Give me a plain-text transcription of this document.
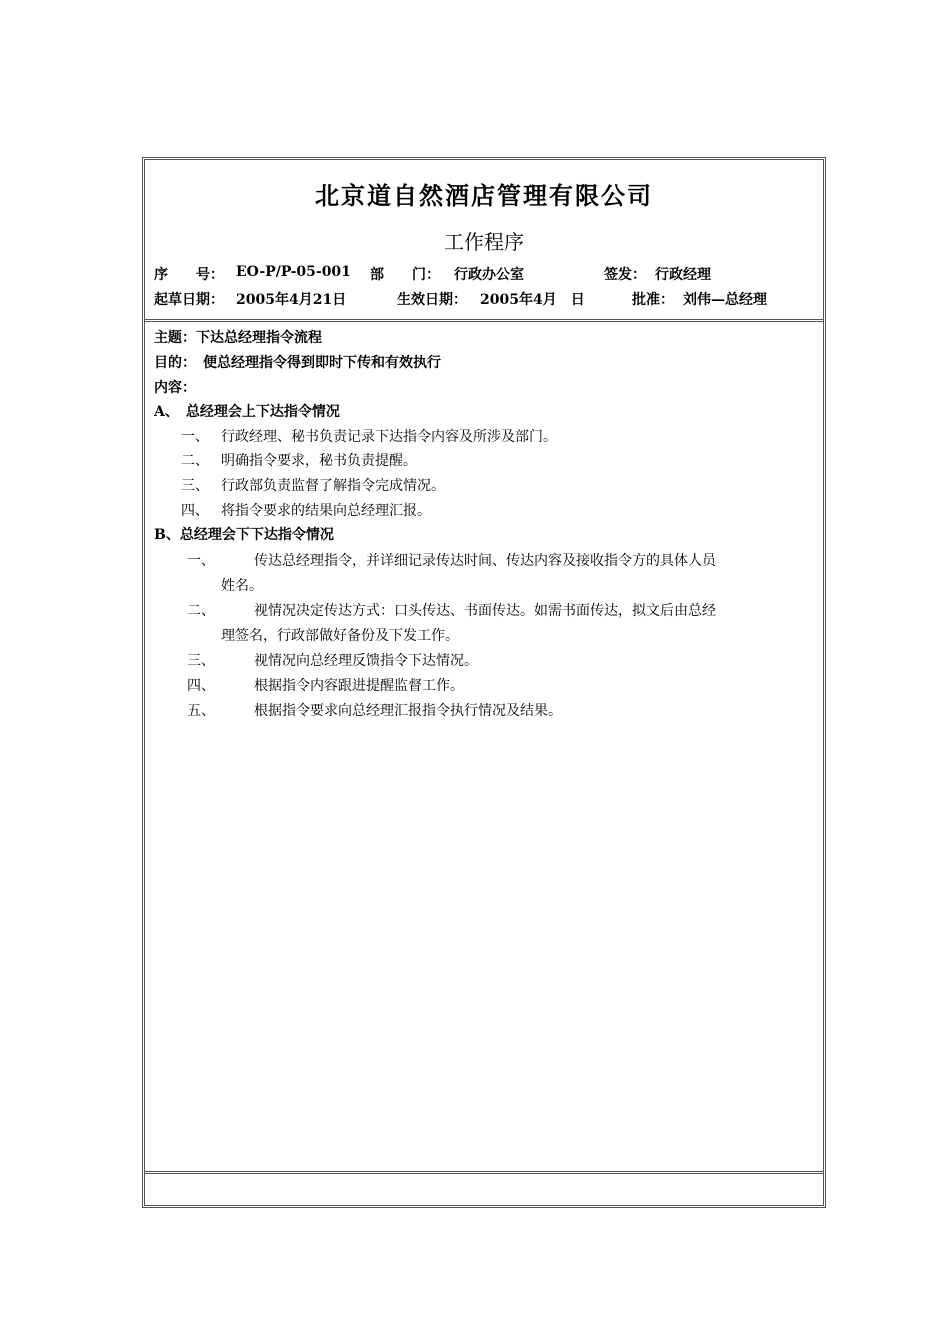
北京道自然酒店管理有限公司
工作程序
序　　号： EO-P/P-05-001 部　　门： 行政办公室	签发： 行政经理
起草日期： 2005年4月21日	生效日期： 2005年4月　日	批准： 刘伟—总经理
主题：下达总经理指令流程
目的：　便总经理指令得到即时下传和有效执行
内容：
A、　总经理会上下达指令情况
一、 行政经理、秘书负责记录下达指令内容及所涉及部门。
二、 明确指令要求，秘书负责提醒。
三、 行政部负责监督了解指令完成情况。
四、 将指令要求的结果向总经理汇报。
B、总经理会下下达指令情况
一、	传达总经理指令，并详细记录传达时间、传达内容及接收指令方的具体人员
姓名。
二、	视情况决定传达方式：口头传达、书面传达。如需书面传达，拟文后由总经
理签名，行政部做好备份及下发工作。
三、	视情况向总经理反馈指令下达情况。
四、	根据指令内容跟进提醒监督工作。
五、	根据指令要求向总经理汇报指令执行情况及结果。
